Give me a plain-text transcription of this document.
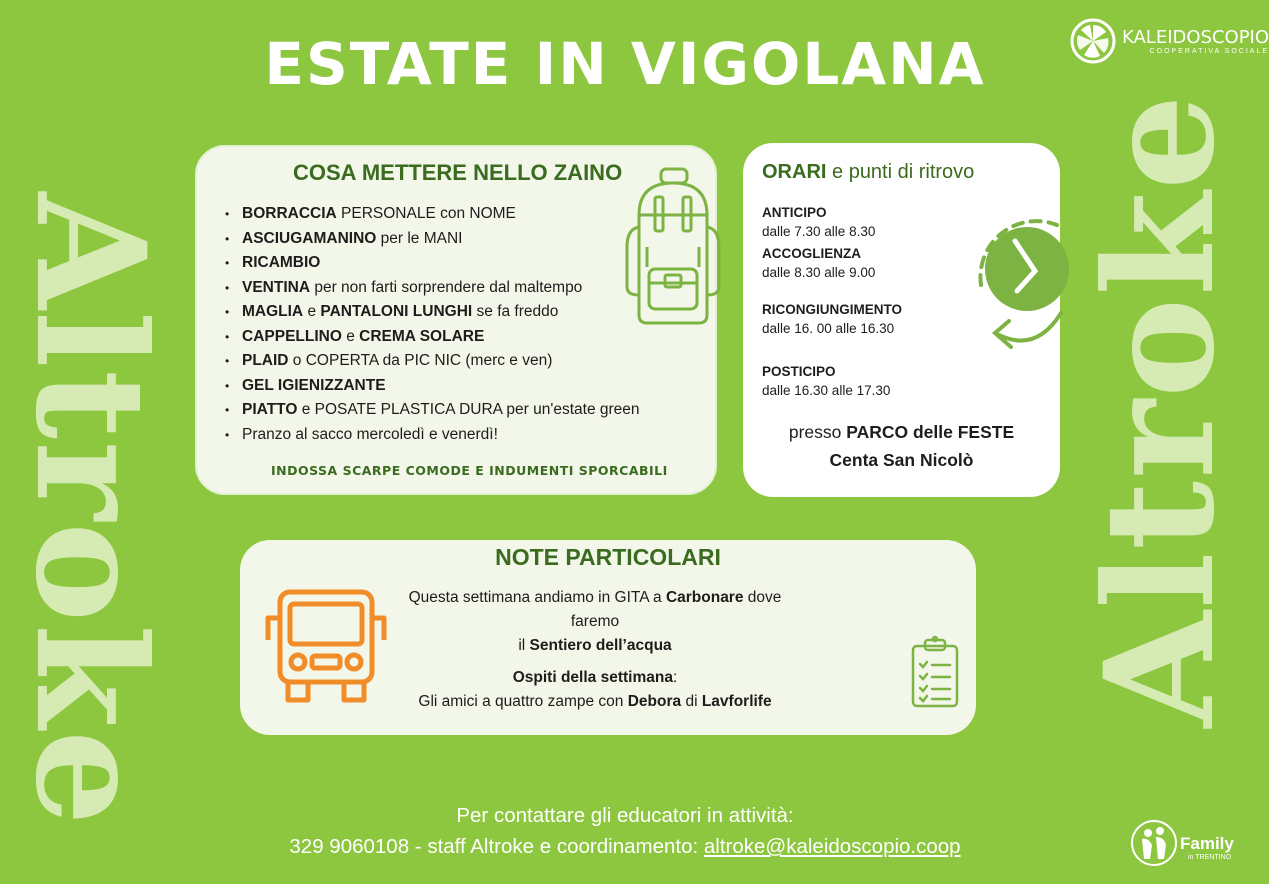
Altroke	Altroke
ESTATE IN VIGOLANA	KALEIDOSCOPIO
COOPERATIVA SOCIALE
COSA METTERE NELLO ZAINO
• BORRACCIA PERSONALE con NOME
• ASCIUGAMANINO per le MANI
• RICAMBIO
• VENTINA per non farti sorprendere dal maltempo
• MAGLIA e PANTALONI LUNGHI se fa freddo
• CAPPELLINO e CREMA SOLARE
• PLAID o COPERTA da PIC NIC (merc e ven)
• GEL IGIENIZZANTE
• PIATTO e POSATE PLASTICA DURA per un'estate green
• Pranzo al sacco mercoledì e venerdì!
INDOSSA SCARPE COMODE E INDUMENTI SPORCABILI
ORARI e punti di ritrovo
ANTICIPO
dalle 7.30 alle 8.30
ACCOGLIENZA
dalle 8.30 alle 9.00
RICONGIUNGIMENTO
dalle 16. 00 alle 16.30
POSTICIPO
dalle 16.30 alle 17.30
presso PARCO delle FESTE
Centa San Nicolò
NOTE PARTICOLARI
Questa settimana andiamo in GITA a Carbonare dove faremo
il Sentiero dell’acqua
Ospiti della settimana:
Gli amici a quattro zampe con Debora di Lavforlife
Per contattare gli educatori in attività:
329 9060108 - staff Altroke e coordinamento: altroke@kaleidoscopio.coop	Family
in TRENTINO
